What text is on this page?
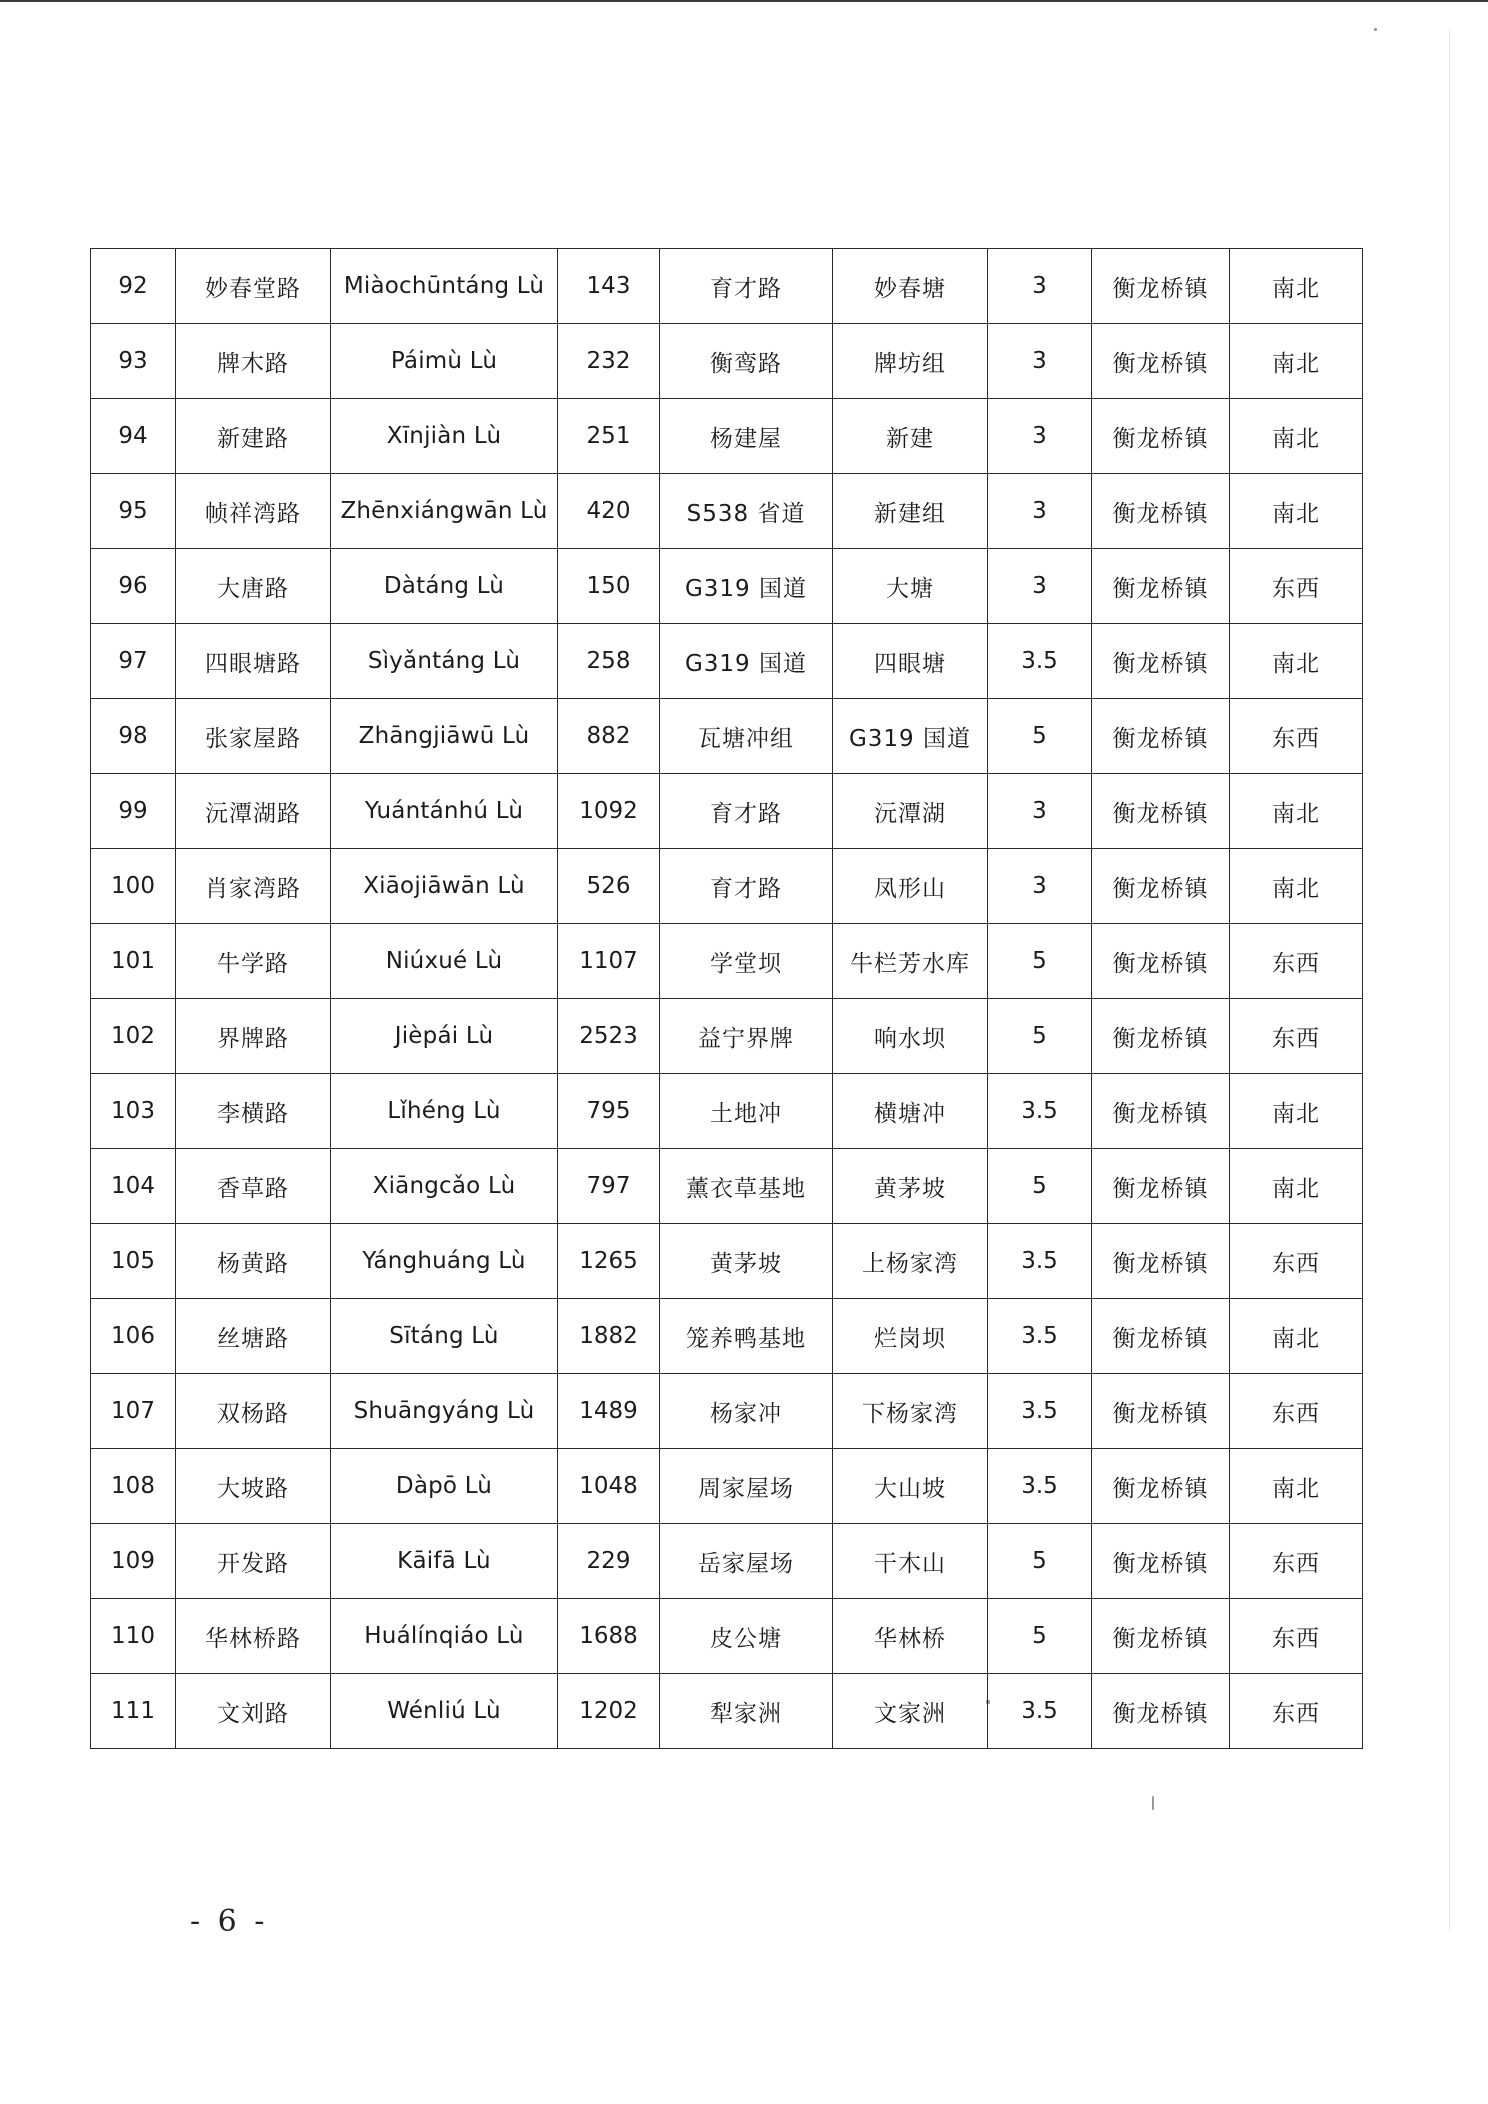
92	妙春堂路	Miàochūntáng Lù	143	育才路	妙春塘	3	衡龙桥镇	南北
93	牌木路	Páimù Lù	232	衡鸾路	牌坊组	3	衡龙桥镇	南北
94	新建路	Xīnjiàn Lù	251	杨建屋	新建	3	衡龙桥镇	南北
95	帧祥湾路	Zhēnxiángwān Lù	420	S538 省道	新建组	3	衡龙桥镇	南北
96	大唐路	Dàtáng Lù	150	G319 国道	大塘	3	衡龙桥镇	东西
97	四眼塘路	Sìyǎntáng Lù	258	G319 国道	四眼塘	3.5	衡龙桥镇	南北
98	张家屋路	Zhāngjiāwū Lù	882	瓦塘冲组	G319 国道	5	衡龙桥镇	东西
99	沅潭湖路	Yuántánhú Lù	1092	育才路	沅潭湖	3	衡龙桥镇	南北
100	肖家湾路	Xiāojiāwān Lù	526	育才路	凤形山	3	衡龙桥镇	南北
101	牛学路	Niúxué Lù	1107	学堂坝	牛栏芳水库	5	衡龙桥镇	东西
102	界牌路	Jièpái Lù	2523	益宁界牌	响水坝	5	衡龙桥镇	东西
103	李横路	Lǐhéng Lù	795	土地冲	横塘冲	3.5	衡龙桥镇	南北
104	香草路	Xiāngcǎo Lù	797	薰衣草基地	黄茅坡	5	衡龙桥镇	南北
105	杨黄路	Yánghuáng Lù	1265	黄茅坡	上杨家湾	3.5	衡龙桥镇	东西
106	丝塘路	Sītáng Lù	1882	笼养鸭基地	烂岗坝	3.5	衡龙桥镇	南北
107	双杨路	Shuāngyáng Lù	1489	杨家冲	下杨家湾	3.5	衡龙桥镇	东西
108	大坡路	Dàpō Lù	1048	周家屋场	大山坡	3.5	衡龙桥镇	南北
109	开发路	Kāifā Lù	229	岳家屋场	干木山	5	衡龙桥镇	东西
110	华林桥路	Huálínqiáo Lù	1688	皮公塘	华林桥	5	衡龙桥镇	东西
111	文刘路	Wénliú Lù	1202	犁家洲	文家洲	3.5	衡龙桥镇	东西
- 6 -
